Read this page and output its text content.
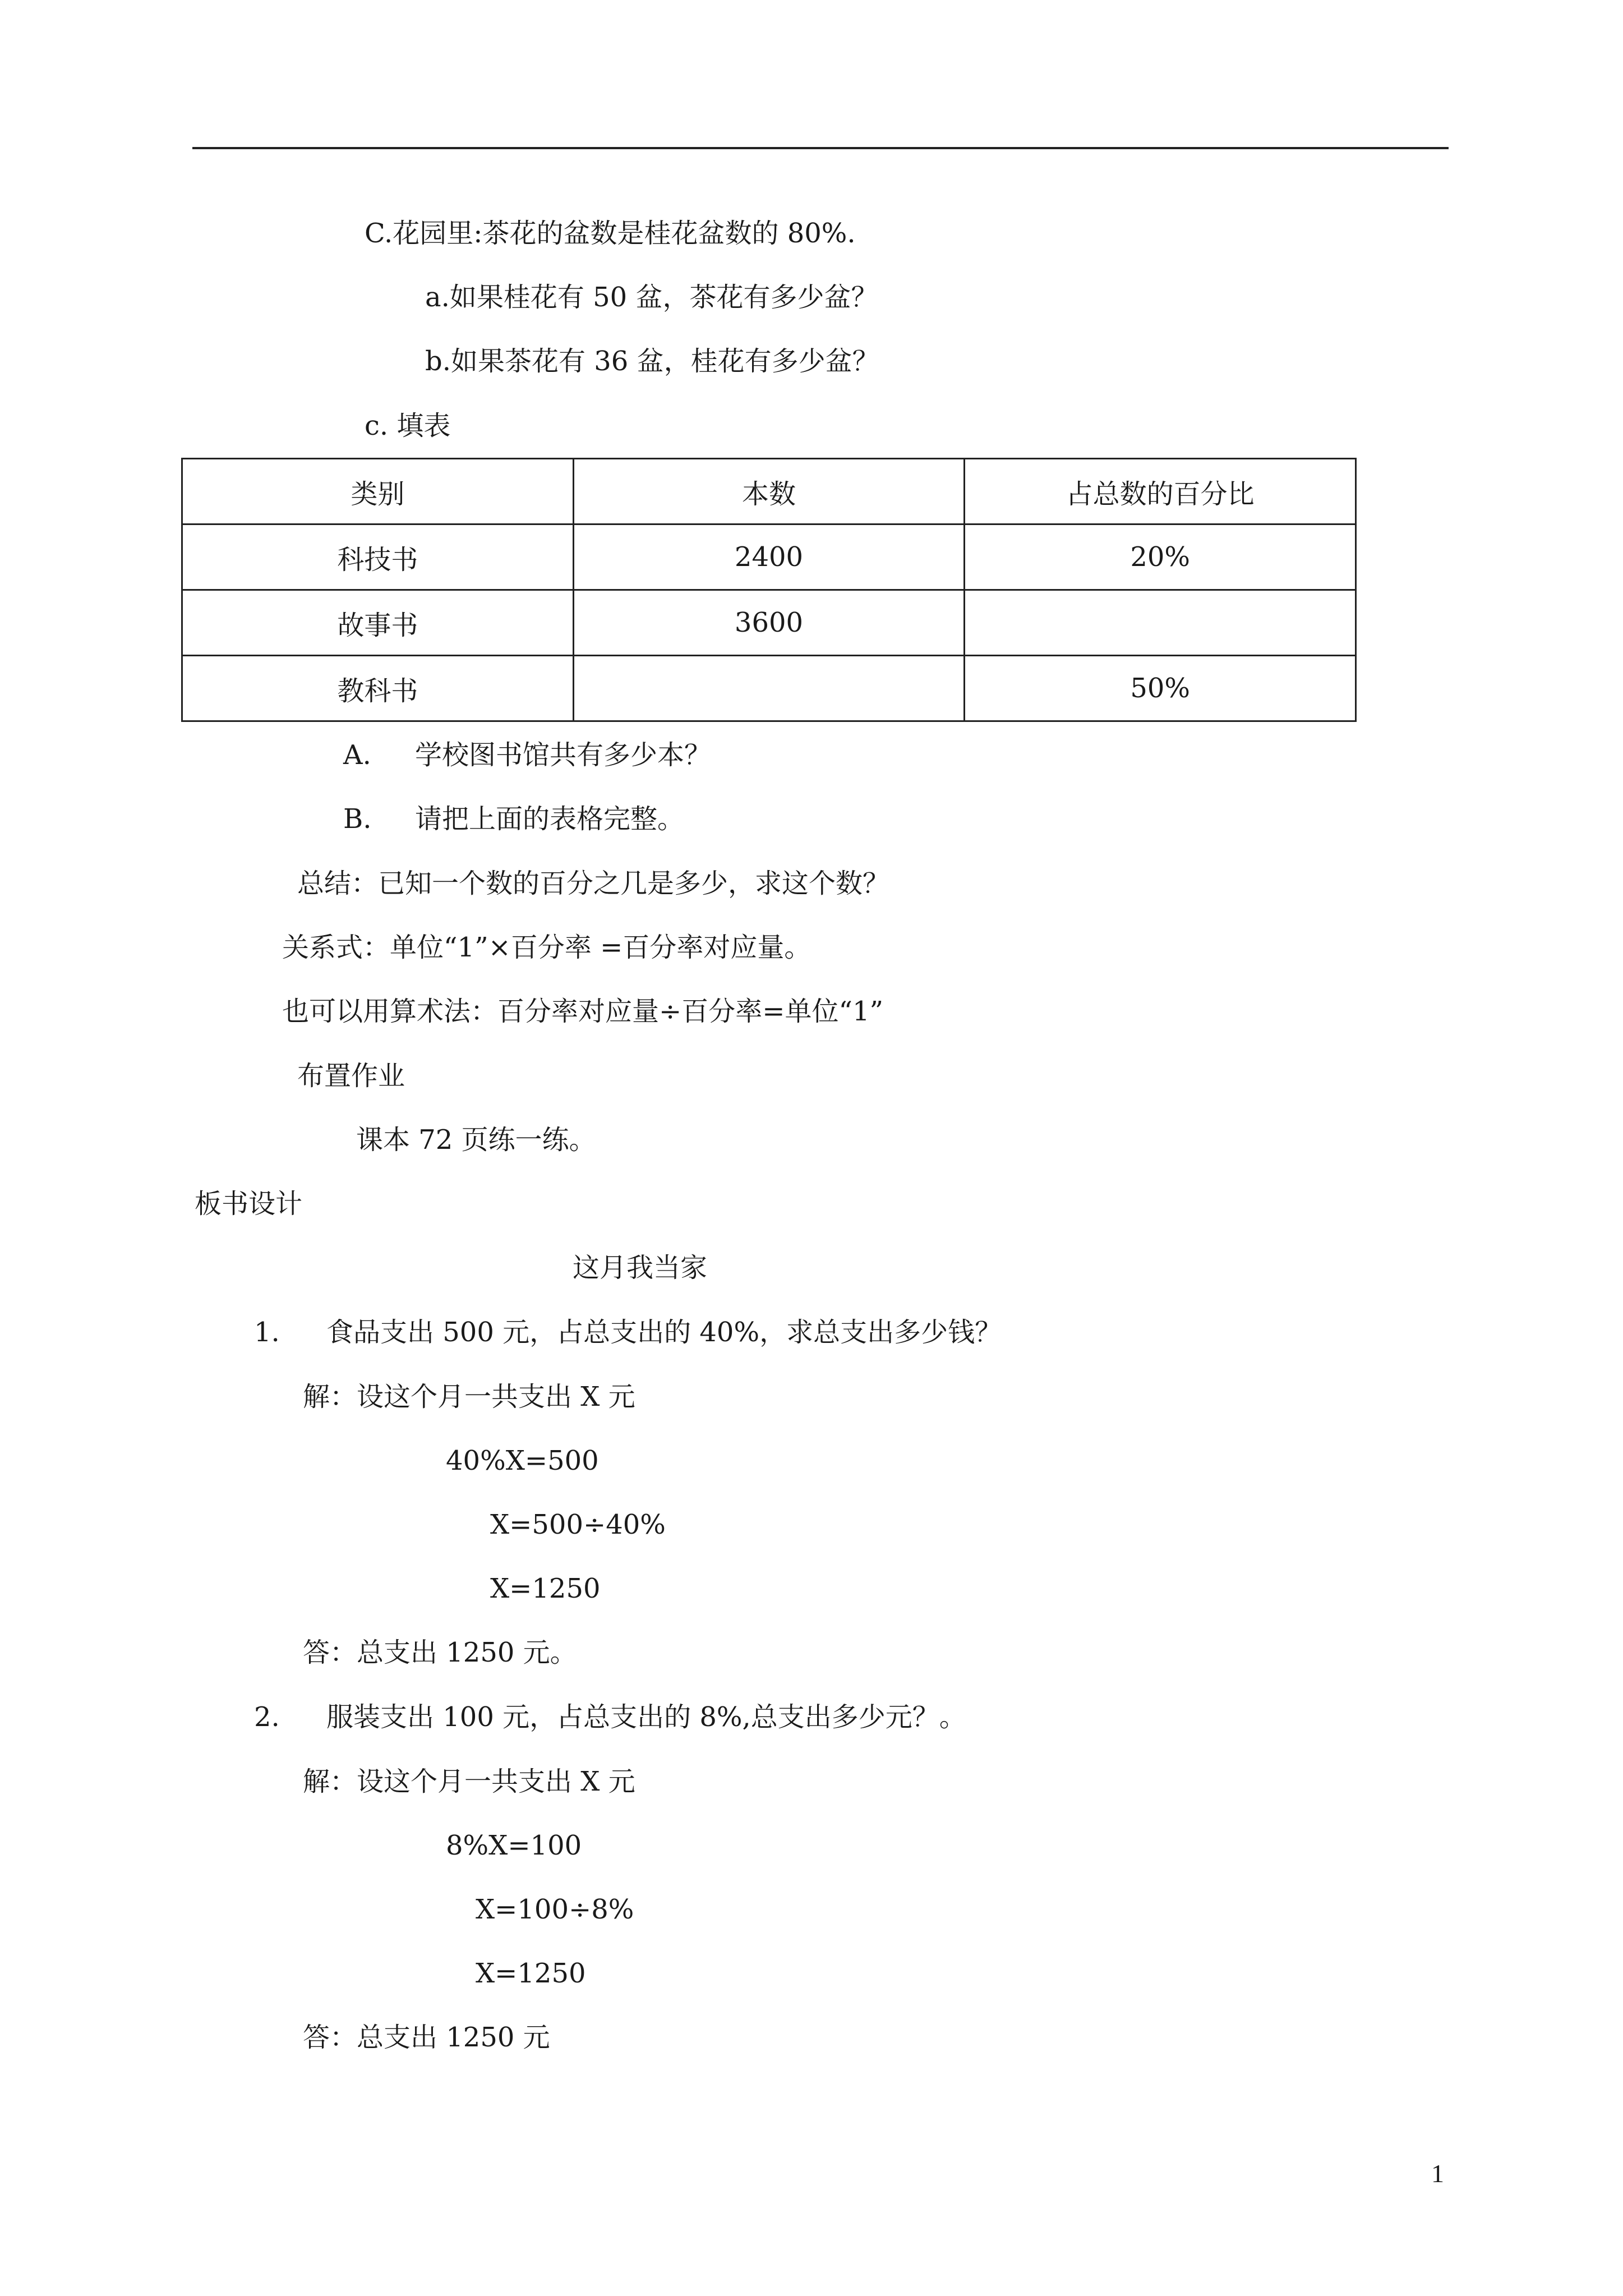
C.花园里:茶花的盆数是桂花盆数的 80%.
a.如果桂花有 50 盆，茶花有多少盆？
b.如果茶花有 36 盆，桂花有多少盆？
c. 填表
类别	本数	占总数的百分比
科技书	2400	20%
故事书	3600	
教科书		50%
A. 学校图书馆共有多少本？
B. 请把上面的表格完整。
总结：已知一个数的百分之几是多少，求这个数？
关系式：单位“1”×百分率 =百分率对应量。
也可以用算术法：百分率对应量÷百分率=单位“1”
布置作业
课本 72 页练一练。
板书设计
这月我当家
1. 食品支出 500 元，占总支出的 40%，求总支出多少钱？
解：设这个月一共支出 X 元
40%X=500
X=500÷40%
X=1250
答：总支出 1250 元。
2. 服装支出 100 元，占总支出的 8%,总支出多少元？。
解：设这个月一共支出 X 元
8%X=100
X=100÷8%
X=1250
答：总支出 1250 元
1
